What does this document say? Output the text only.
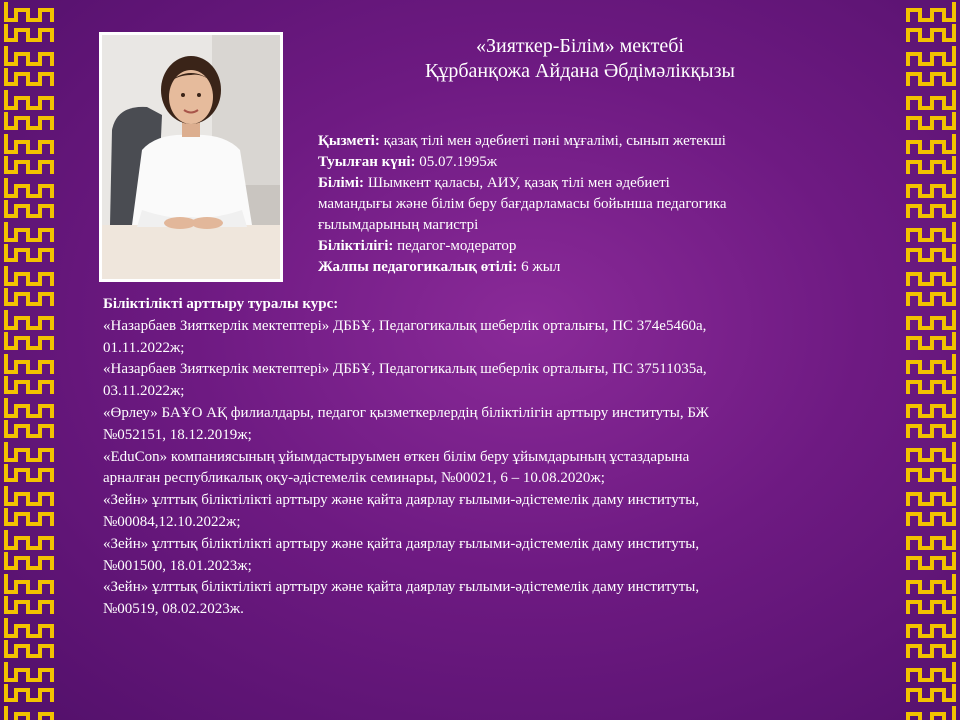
«Зияткер-Білім» мектебі
Құрбанқожа Айдана Әбдімәлікқызы
Қызметі: қазақ тілі мен әдебиеті пәні мұғалімі, сынып жетекші
Туылған күні: 05.07.1995ж
Білімі: Шымкент қаласы, АИУ, қазақ тілі мен әдебиеті
мамандығы және білім беру бағдарламасы бойынша педагогика
ғылымдарының магистрі
Біліктілігі: педагог-модератор
Жалпы педагогикалық өтілі: 6 жыл
Біліктілікті арттыру туралы курс:
«Назарбаев Зияткерлік мектептері» ДББҰ, Педагогикалық шеберлік орталығы, ПС 374е5460а,
01.11.2022ж;
«Назарбаев Зияткерлік мектептері» ДББҰ, Педагогикалық шеберлік орталығы, ПС 37511035а,
03.11.2022ж;
«Өрлеу» БАҰО АҚ филиалдары, педагог қызметкерлердің біліктілігін арттыру институты, БЖ
№052151, 18.12.2019ж;
«EduCon» компаниясының ұйымдастыруымен өткен білім беру ұйымдарының ұстаздарына
арналған республикалық оқу-әдістемелік семинары, №00021, 6 – 10.08.2020ж;
«Зейн» ұлттық біліктілікті арттыру және қайта даярлау ғылыми-әдістемелік даму институты,
№00084,12.10.2022ж;
«Зейн» ұлттық біліктілікті арттыру және қайта даярлау ғылыми-әдістемелік даму институты,
№001500, 18.01.2023ж;
«Зейн» ұлттық біліктілікті арттыру және қайта даярлау ғылыми-әдістемелік даму институты,
№00519, 08.02.2023ж.
